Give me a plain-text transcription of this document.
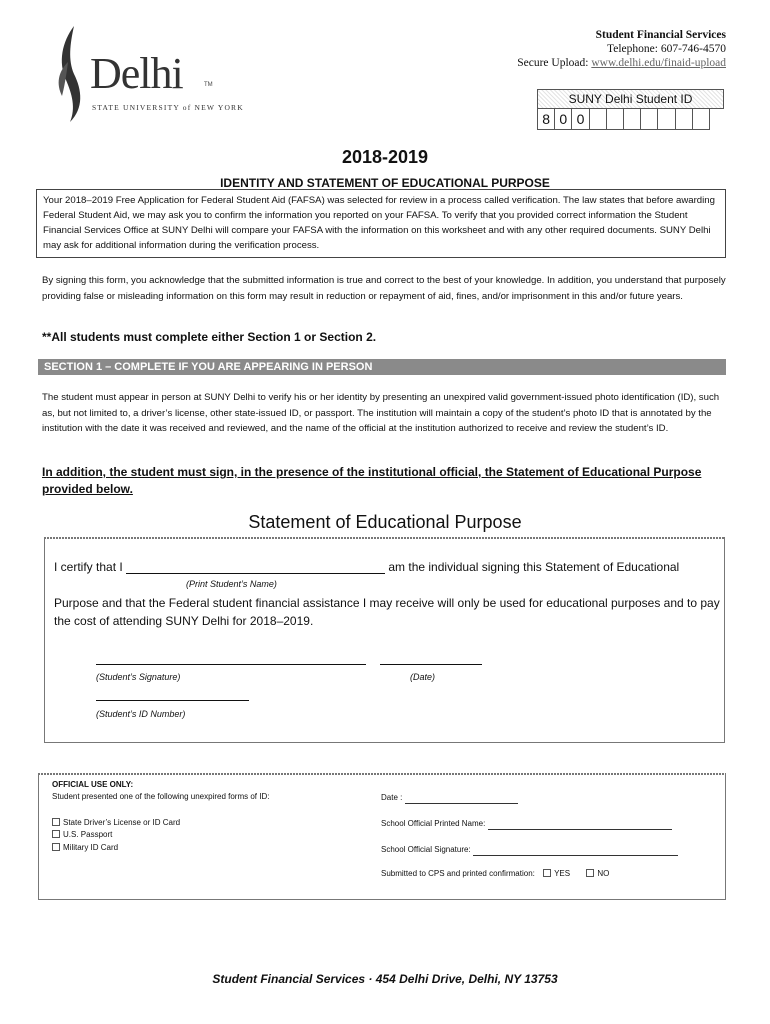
Delhi	TM
STATE UNIVERSITY of NEW YORK
Student Financial Services
Telephone: 607-746-4570
Secure Upload: www.delhi.edu/finaid-upload
SUNY Delhi Student ID
8 0 0
2018-2019
IDENTITY AND STATEMENT OF EDUCATIONAL PURPOSE
Your 2018–2019 Free Application for Federal Student Aid (FAFSA) was selected for review in a process called verification. The law states that before awarding Federal Student Aid, we may ask you to confirm the information you reported on your FAFSA. To verify that you provided correct information the Student Financial Services Office at SUNY Delhi will compare your FAFSA with the information on this worksheet and with any other required documents. SUNY Delhi may ask for additional information during the verification process.
By signing this form, you acknowledge that the submitted information is true and correct to the best of your knowledge. In addition, you understand that purposely providing false or misleading information on this form may result in reduction or repayment of aid, fines, and/or imprisonment in this and/or future years.
**All students must complete either Section 1 or Section 2.
SECTION 1 – COMPLETE IF YOU ARE APPEARING IN PERSON
The student must appear in person at SUNY Delhi to verify his or her identity by presenting an unexpired valid government-issued photo identification (ID), such as, but not limited to, a driver’s license, other state-issued ID, or passport. The institution will maintain a copy of the student’s photo ID that is annotated by the institution with the date it was received and reviewed, and the name of the official at the institution authorized to receive and review the student’s ID.
In addition, the student must sign, in the presence of the institutional official, the Statement of Educational Purpose provided below.
Statement of Educational Purpose
I certify that I	am the individual signing this Statement of Educational
(Print Student’s Name)
Purpose and that the Federal student financial assistance I may receive will only be used for educational purposes and to pay the cost of attending SUNY Delhi for 2018–2019.
(Student’s Signature)	(Date)
(Student’s ID Number)
OFFICIAL USE ONLY:
Student presented one of the following unexpired forms of ID:
State Driver’s License or ID Card
U.S. Passport
Military ID Card
Date :
School Official Printed Name:
School Official Signature:
Submitted to CPS and printed confirmation: YES	NO
Student Financial Services · 454 Delhi Drive, Delhi, NY 13753
